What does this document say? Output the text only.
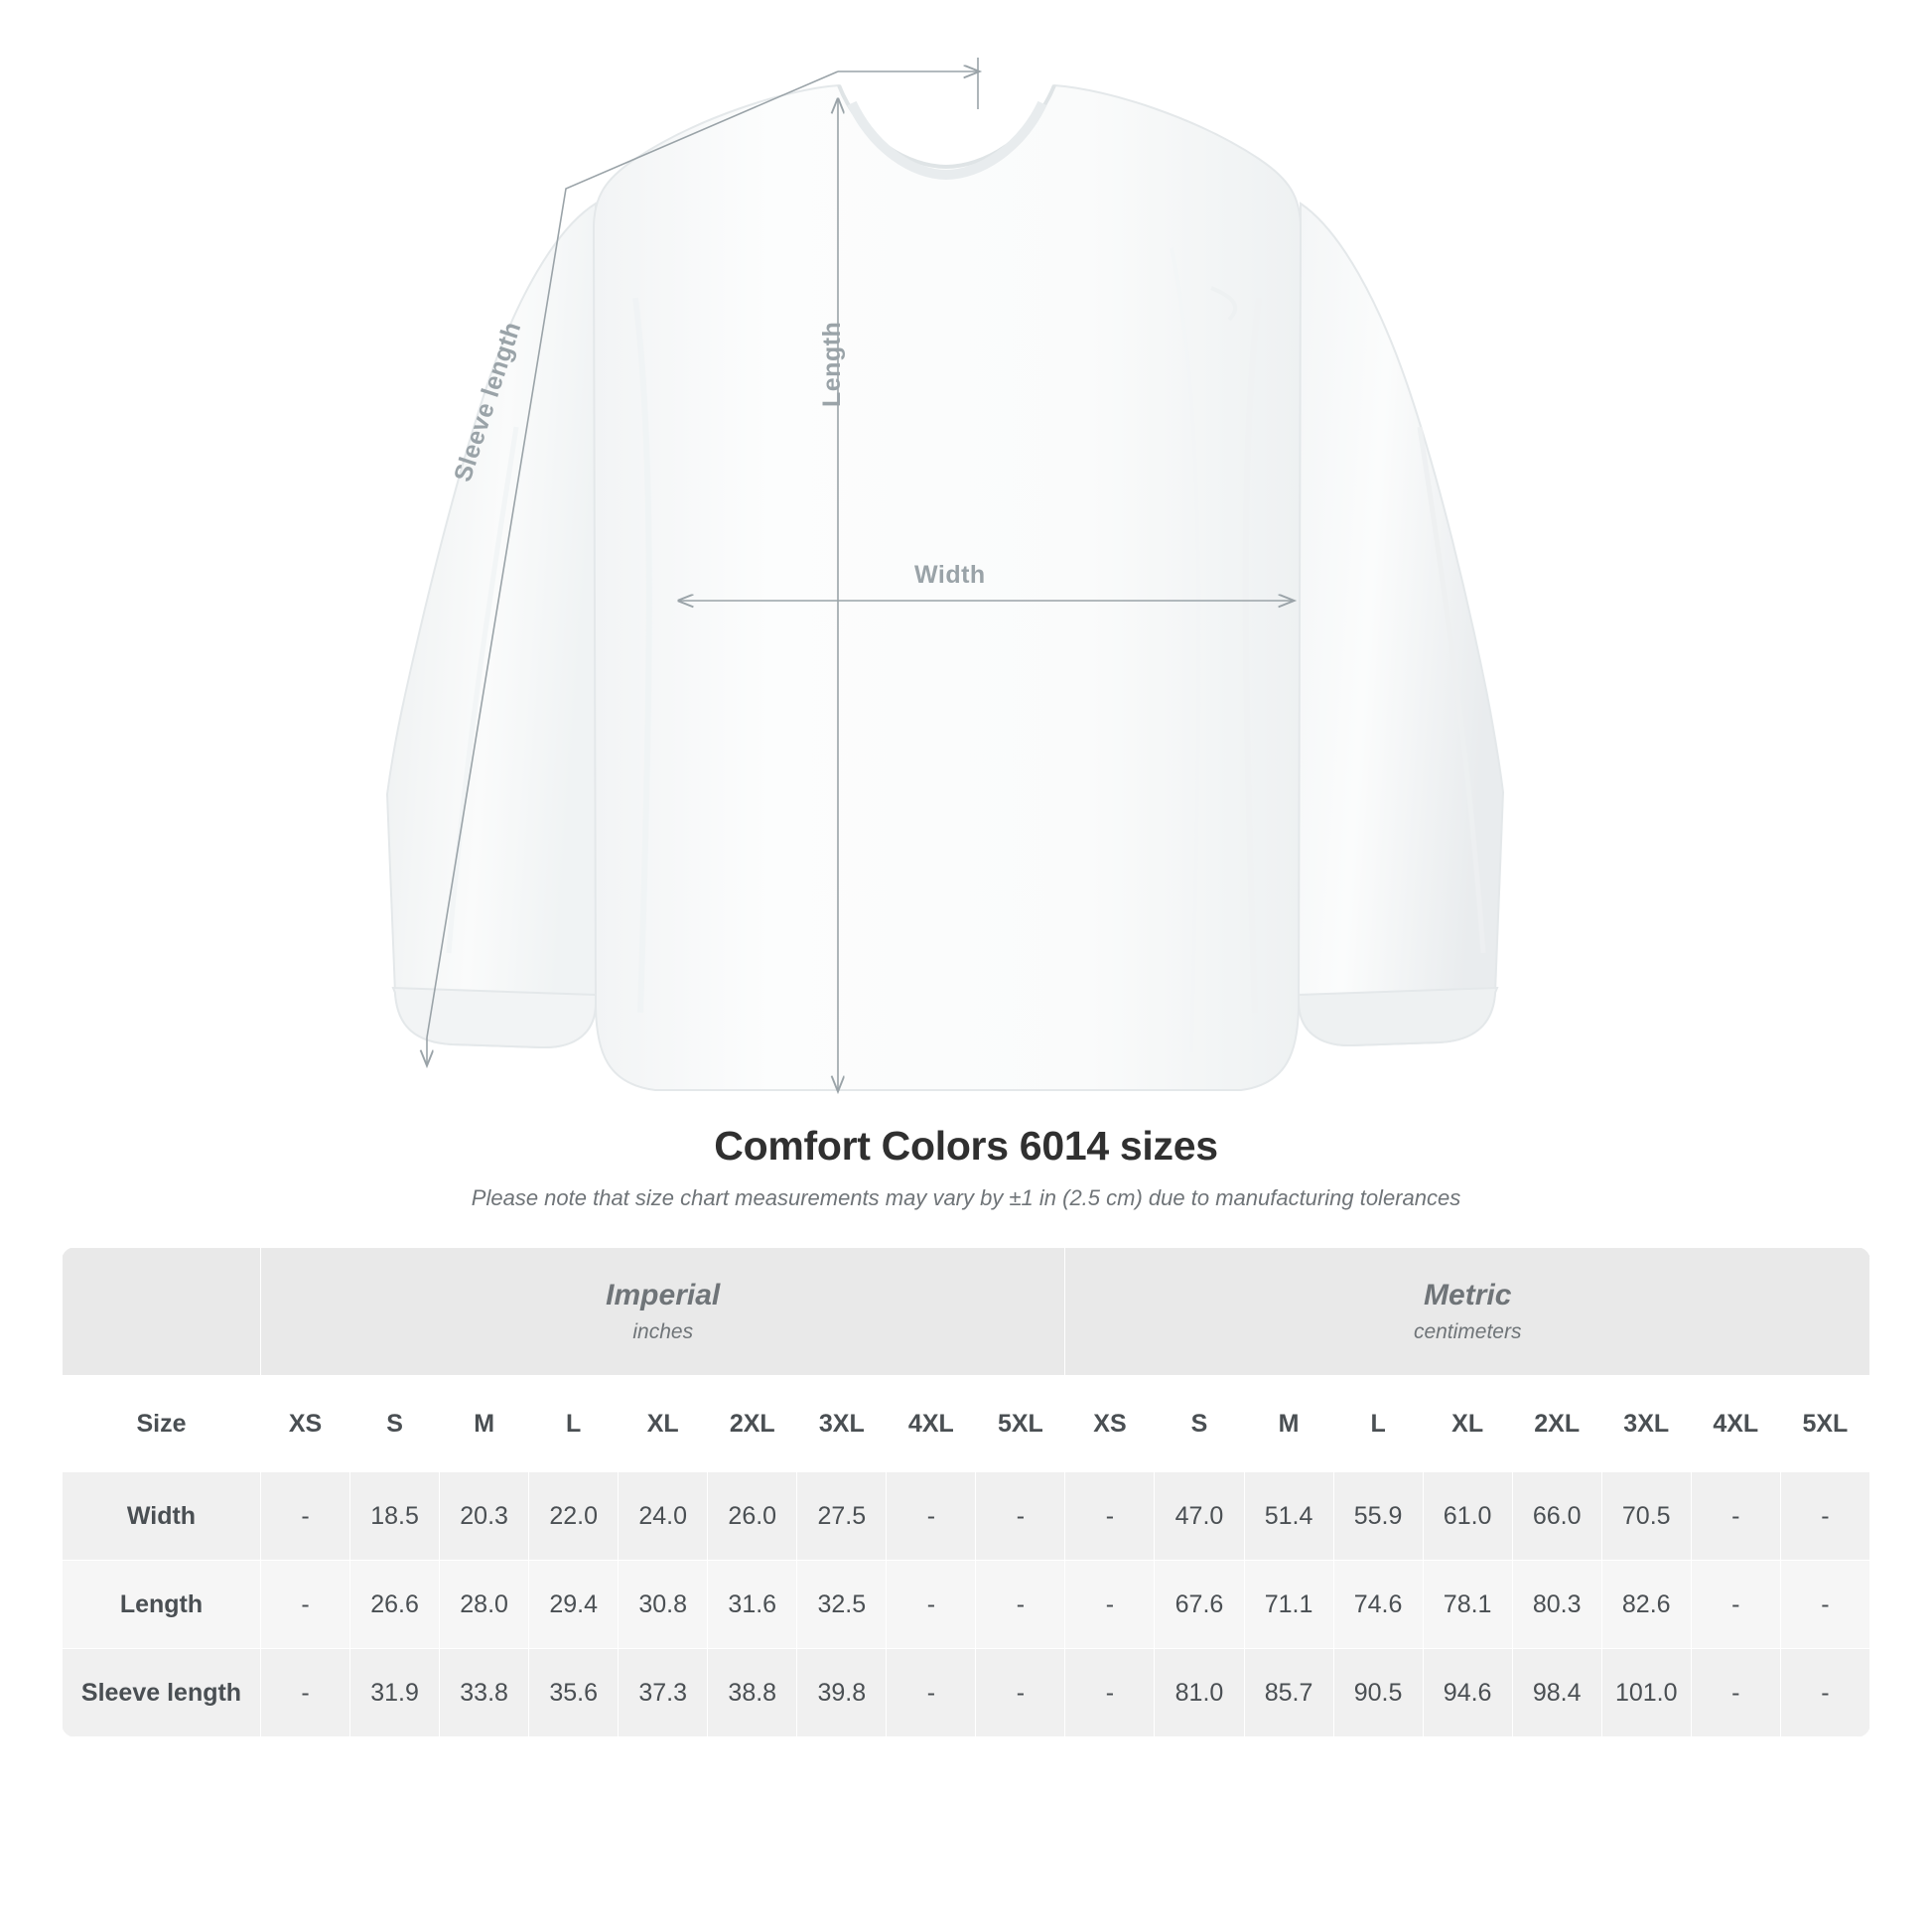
Width
Length
Sleeve length
Comfort Colors 6014 sizes
Please note that size chart measurements may vary by ±1 in (2.5 cm) due to manufacturing tolerances

Imperial
inches

Metric
centimeters

Size	XS	S	M	L	XL	2XL	3XL	4XL	5XL	XS	S	M	L	XL	2XL	3XL	4XL	5XL
Width	-	18.5	20.3	22.0	24.0	26.0	27.5	-	-	-	47.0	51.4	55.9	61.0	66.0	70.5	-	-
Length	-	26.6	28.0	29.4	30.8	31.6	32.5	-	-	-	67.6	71.1	74.6	78.1	80.3	82.6	-	-
Sleeve length	-	31.9	33.8	35.6	37.3	38.8	39.8	-	-	-	81.0	85.7	90.5	94.6	98.4	101.0	-	-
